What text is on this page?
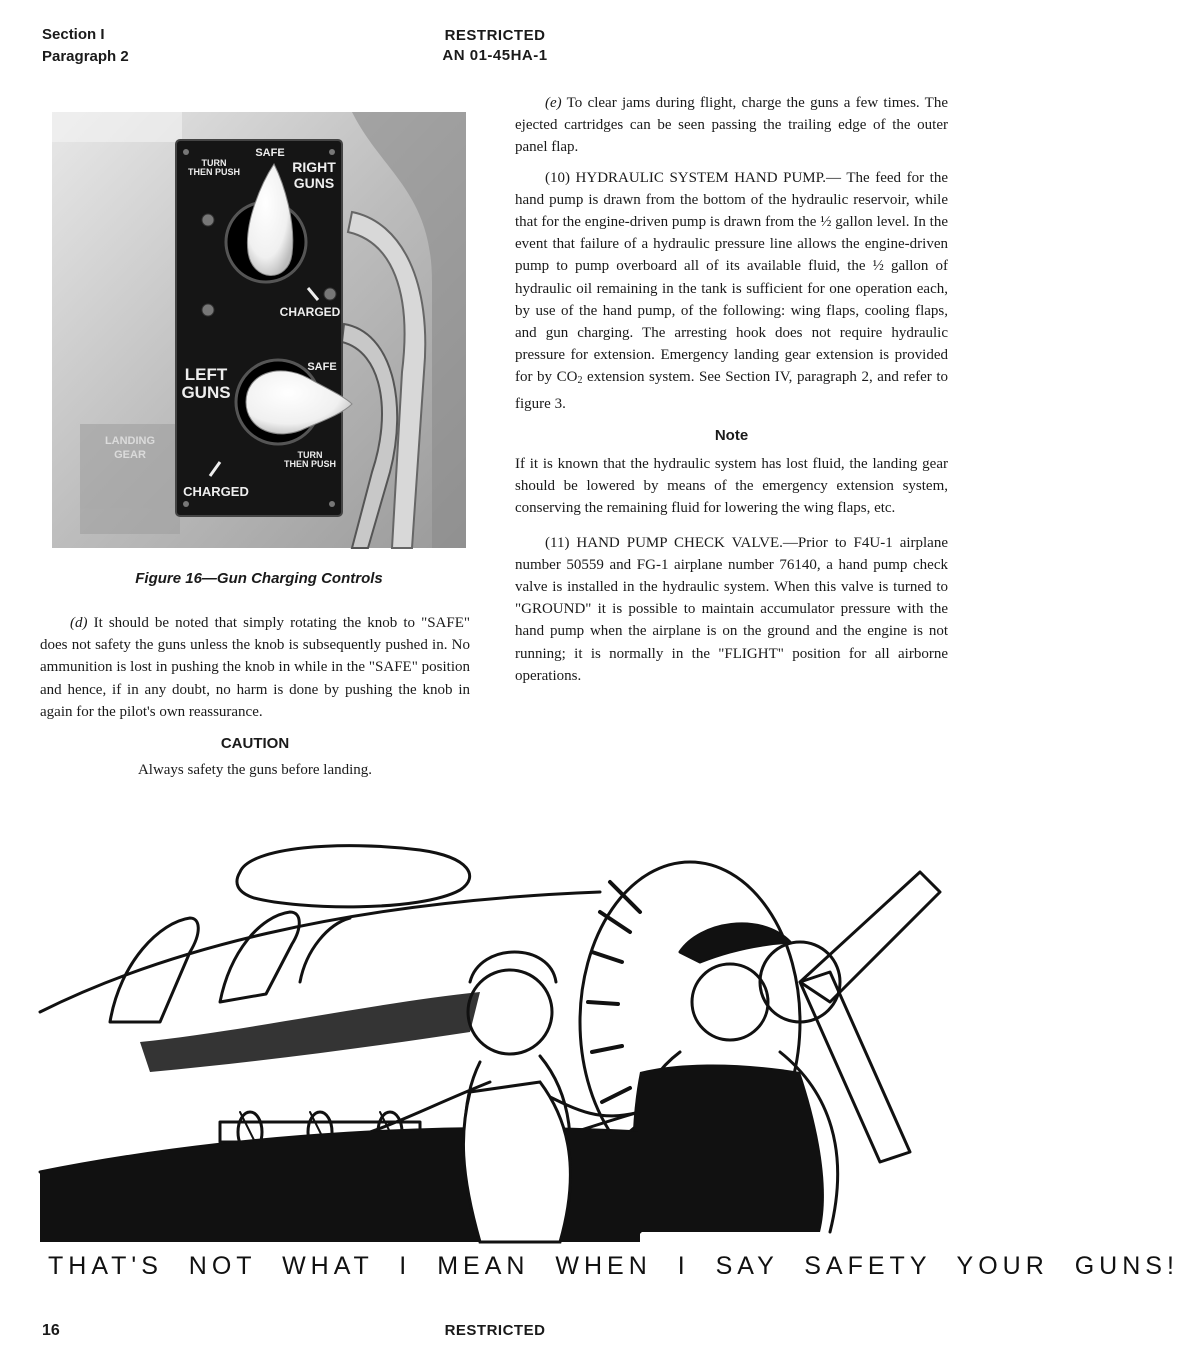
Section I
Paragraph 2
RESTRICTED
AN 01-45HA-1
LANDING
GEAR
TURN
THEN PUSH
SAFE
RIGHT
GUNS
CHARGED
LEFT
GUNS
SAFE
TURN
THEN PUSH
CHARGED
Figure 16—Gun Charging Controls

(d) It should be noted that simply rotating the knob to "SAFE" does not safety the guns unless the knob is subsequently pushed in. No ammunition is lost in pushing the knob in while in the "SAFE" position and hence, if in any doubt, no harm is done by pushing the knob in again for the pilot's own reassurance.

CAUTION

Always safety the guns before landing.

(e) To clear jams during flight, charge the guns a few times. The ejected cartridges can be seen passing the trailing edge of the outer panel flap.

(10) HYDRAULIC SYSTEM HAND PUMP.— The feed for the hand pump is drawn from the bottom of the hydraulic reservoir, while that for the engine-driven pump is drawn from the ½ gallon level. In the event that failure of a hydraulic pressure line allows the engine-driven pump to pump overboard all of its available fluid, the ½ gallon of hydraulic oil remaining in the tank is sufficient for one operation each, by use of the hand pump, of the following: wing flaps, cooling flaps, and gun charging. The arresting hook does not require hydraulic pressure for extension. Emergency landing gear extension is provided for by $CO_2$ extension system. See Section IV, paragraph 2, and refer to figure 3.

Note

If it is known that the hydraulic system has lost fluid, the landing gear should be lowered by means of the emergency extension system, conserving the remaining fluid for lowering the wing flaps, etc.

(11) HAND PUMP CHECK VALVE.—Prior to F4U-1 airplane number 50559 and FG-1 airplane number 76140, a hand pump check valve is installed in the hydraulic system. When this valve is turned to "GROUND" it is possible to maintain accumulator pressure with the hand pump when the airplane is on the ground and the engine is not running; it is normally in the "FLIGHT" position for all airborne operations.

THAT'S NOT WHAT I MEAN WHEN I SAY SAFETY YOUR GUNS!
16	RESTRICTED
